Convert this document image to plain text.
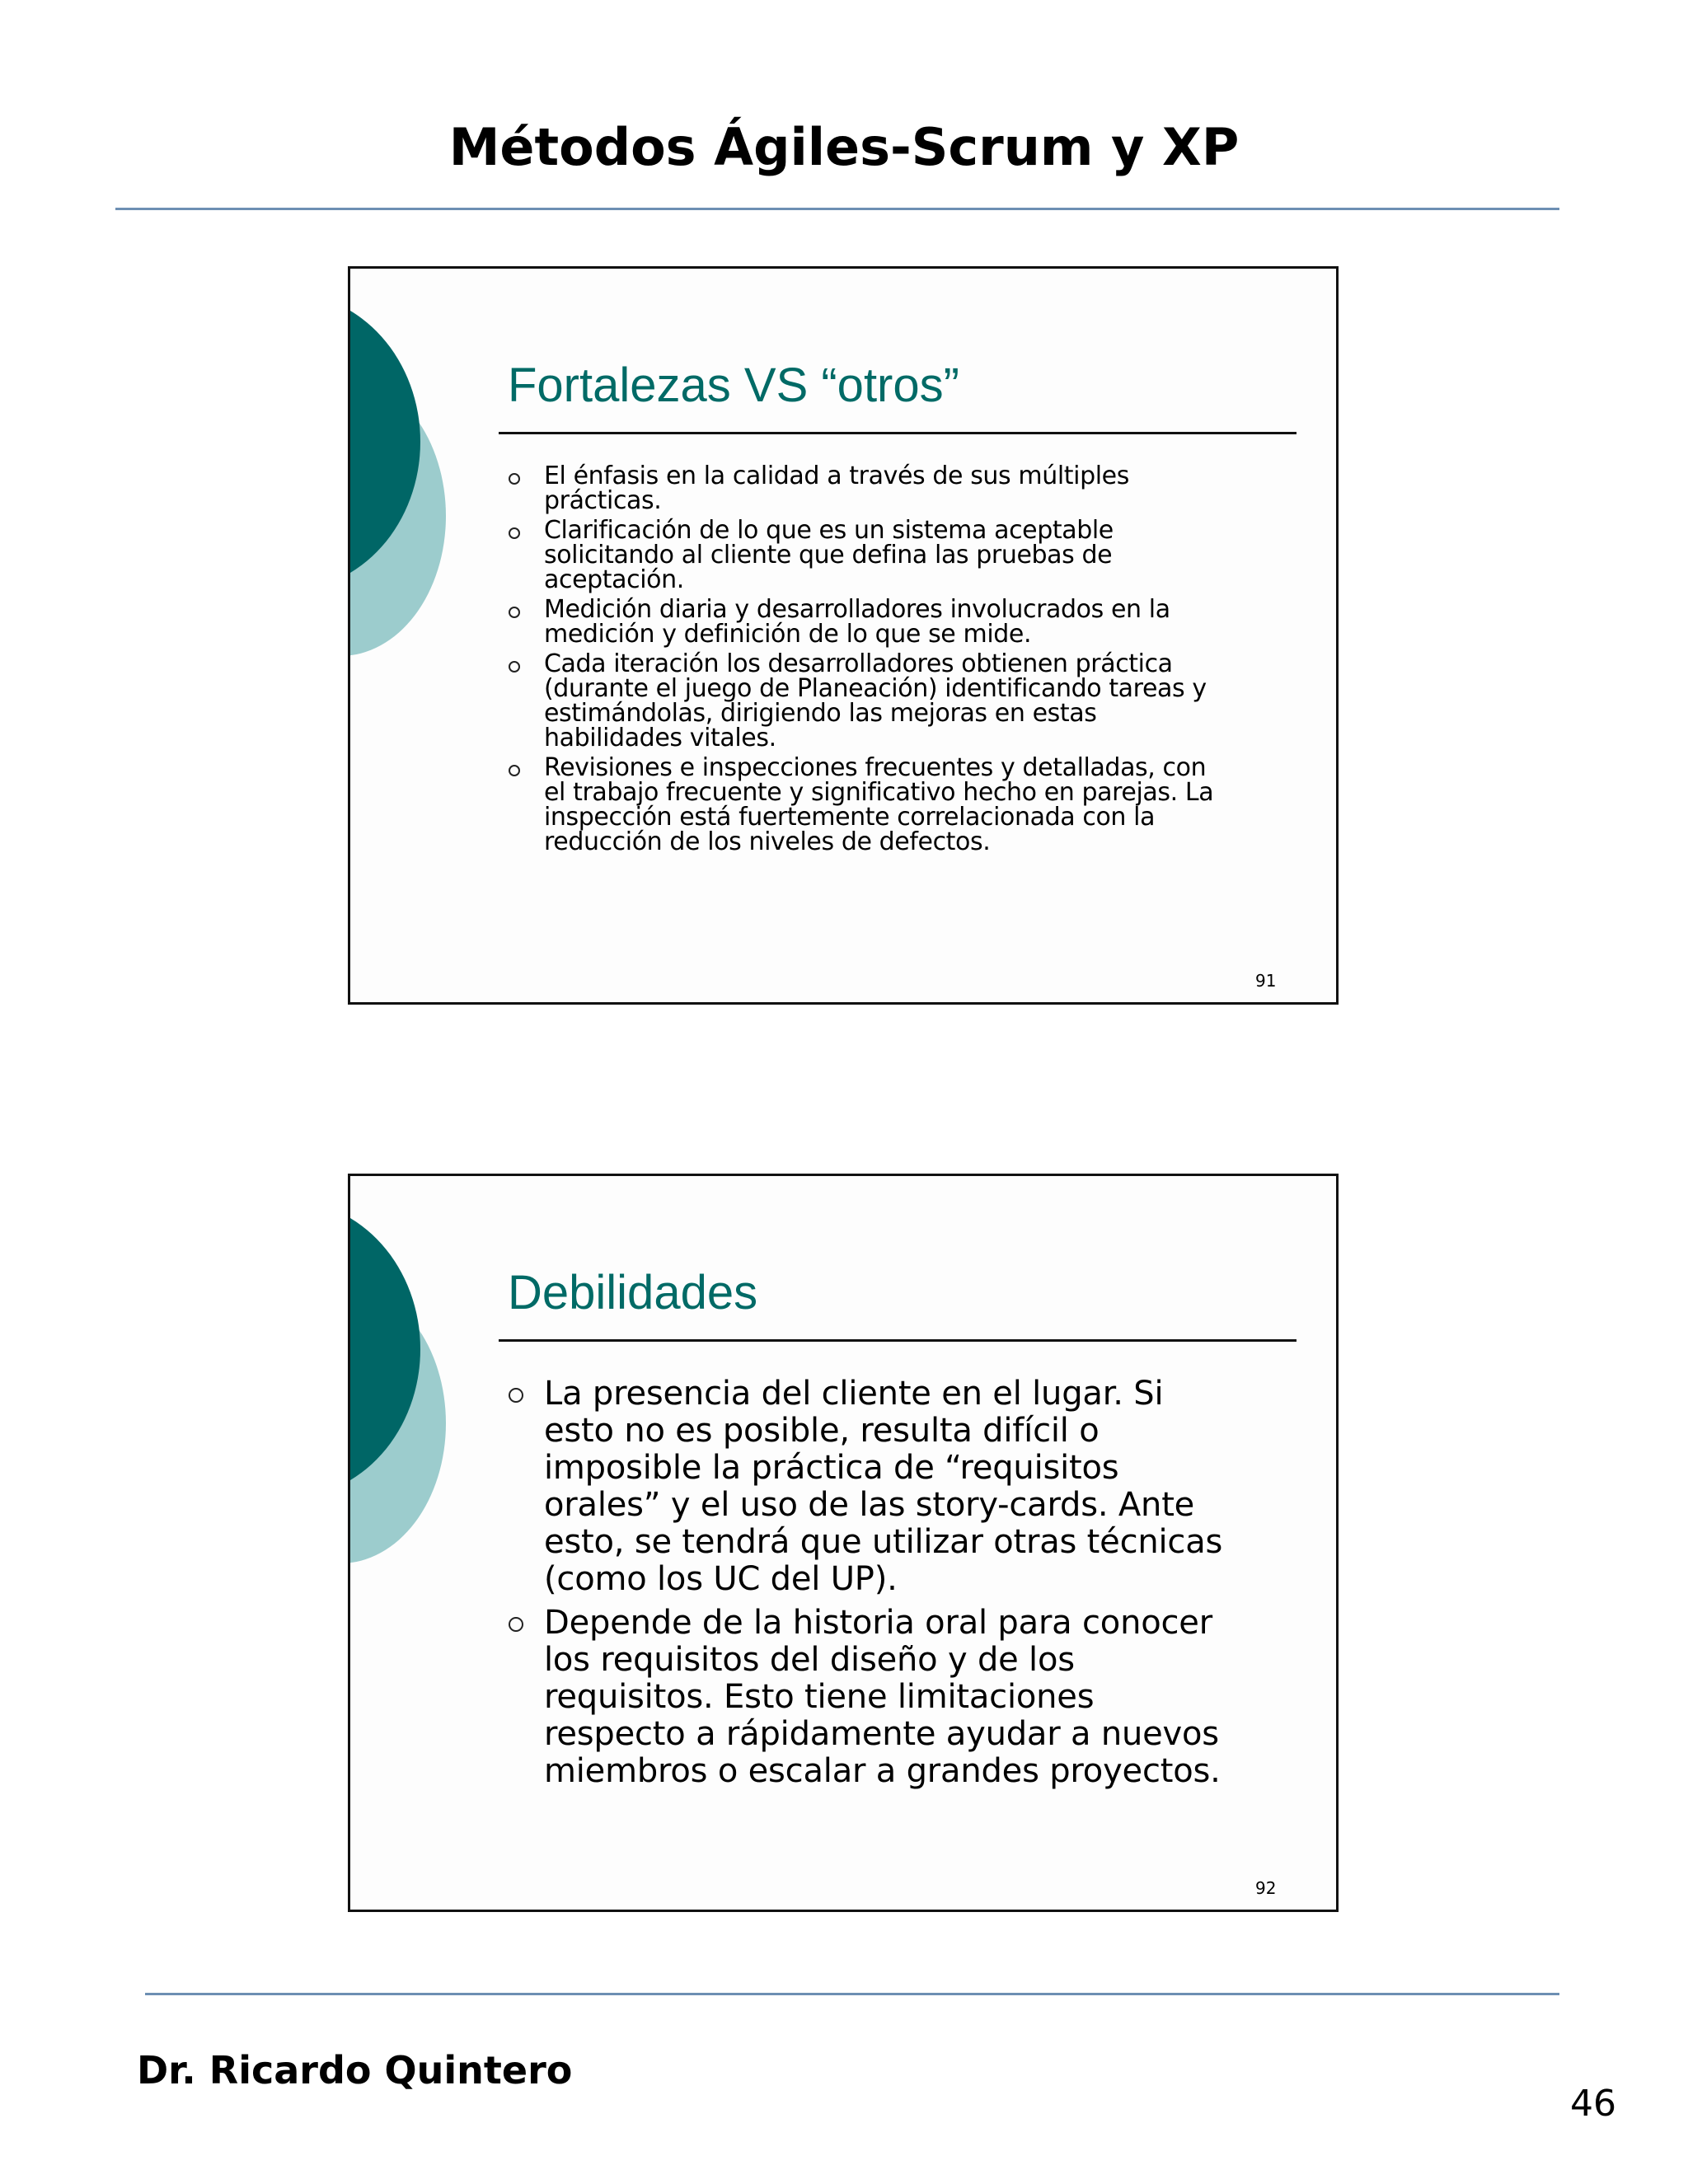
Métodos Ágiles-Scrum y XP
Fortalezas VS “otros”
El énfasis en la calidad a través de sus múltiples
prácticas.
Clarificación de lo que es un sistema aceptable
solicitando al cliente que defina las pruebas de
aceptación.
Medición diaria y desarrolladores involucrados en la
medición y definición de lo que se mide.
Cada iteración los desarrolladores obtienen práctica
(durante el juego de Planeación) identificando tareas y
estimándolas, dirigiendo las mejoras en estas
habilidades vitales.
Revisiones e inspecciones frecuentes y detalladas, con
el trabajo frecuente y significativo hecho en parejas. La
inspección está fuertemente correlacionada con la
reducción de los niveles de defectos.
91
Debilidades
La presencia del cliente en el lugar. Si
esto no es posible, resulta difícil o
imposible la práctica de “requisitos
orales” y el uso de las story-cards. Ante
esto, se tendrá que utilizar otras técnicas
(como los UC del UP).
Depende de la historia oral para conocer
los requisitos del diseño y de los
requisitos. Esto tiene limitaciones
respecto a rápidamente ayudar a nuevos
miembros o escalar a grandes proyectos.
92
Dr. Ricardo Quintero
46
